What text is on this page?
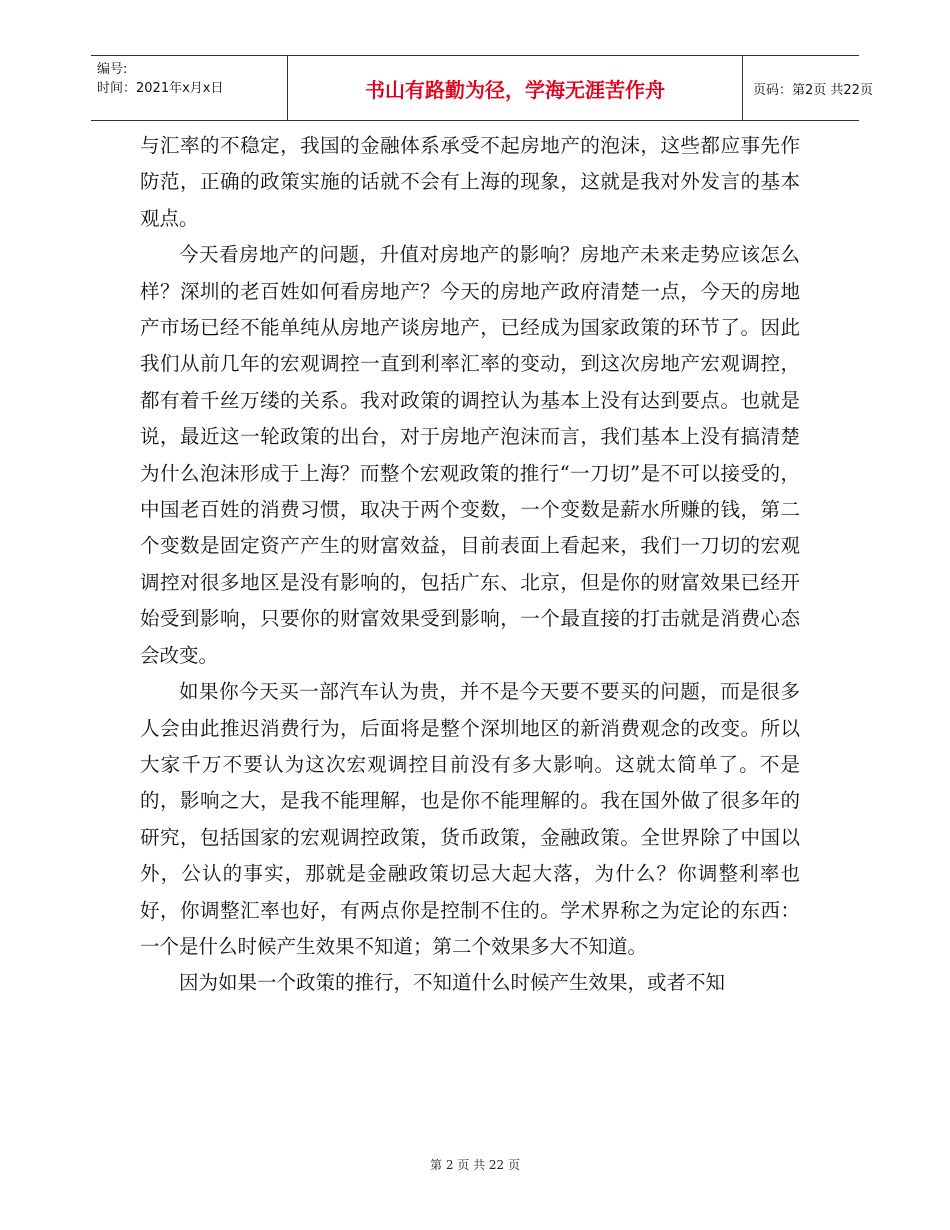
编号:
时间：2021年x月x日	书山有路勤为径，学海无涯苦作舟	页码：第2页 共22页

与汇率的不稳定，我国的金融体系承受不起房地产的泡沫，这些都应事先作防范，正确的政策实施的话就不会有上海的现象，这就是我对外发言的基本观点。

今天看房地产的问题，升值对房地产的影响？房地产未来走势应该怎么样？深圳的老百姓如何看房地产？今天的房地产政府清楚一点，今天的房地产市场已经不能单纯从房地产谈房地产，已经成为国家政策的环节了。因此我们从前几年的宏观调控一直到利率汇率的变动，到这次房地产宏观调控，都有着千丝万缕的关系。我对政策的调控认为基本上没有达到要点。也就是说，最近这一轮政策的出台，对于房地产泡沫而言，我们基本上没有搞清楚为什么泡沫形成于上海？而整个宏观政策的推行“一刀切”是不可以接受的，中国老百姓的消费习惯，取决于两个变数，一个变数是薪水所赚的钱，第二个变数是固定资产产生的财富效益，目前表面上看起来，我们一刀切的宏观调控对很多地区是没有影响的，包括广东、北京，但是你的财富效果已经开始受到影响，只要你的财富效果受到影响，一个最直接的打击就是消费心态会改变。

如果你今天买一部汽车认为贵，并不是今天要不要买的问题，而是很多人会由此推迟消费行为，后面将是整个深圳地区的新消费观念的改变。所以大家千万不要认为这次宏观调控目前没有多大影响。这就太简单了。不是的，影响之大，是我不能理解，也是你不能理解的。我在国外做了很多年的研究，包括国家的宏观调控政策，货币政策，金融政策。全世界除了中国以外，公认的事实，那就是金融政策切忌大起大落，为什么？你调整利率也好，你调整汇率也好，有两点你是控制不住的。学术界称之为定论的东西：一个是什么时候产生效果不知道；第二个效果多大不知道。

因为如果一个政策的推行，不知道什么时候产生效果，或者不知

第 2 页 共 22 页
